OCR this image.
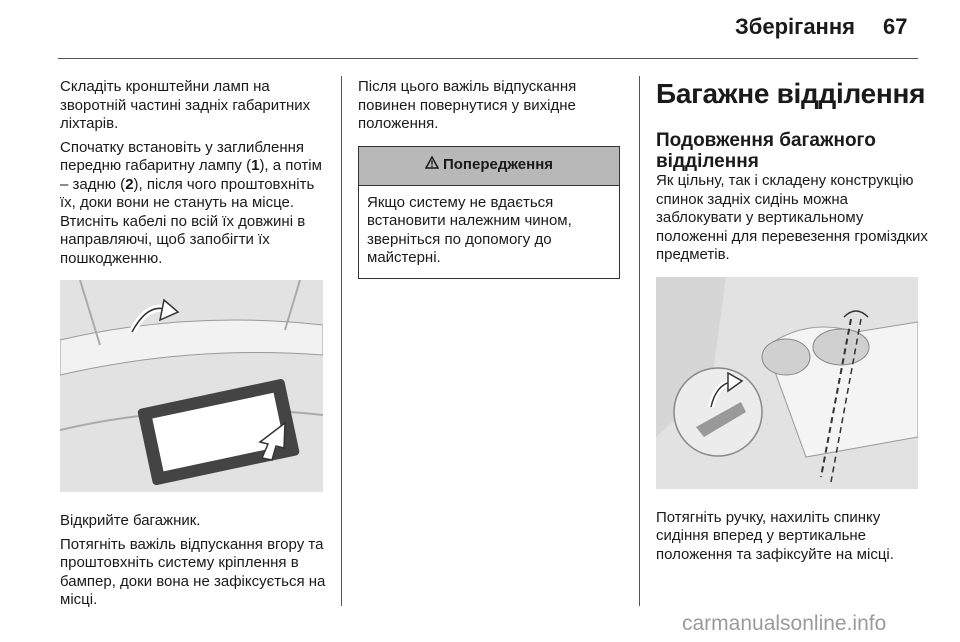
Зберігання 67

Складіть кронштейни ламп на зворотній частині задніх габаритних ліхтарів.

Спочатку встановіть у заглиблення передню габаритну лампу (1), а потім – задню (2), після чого проштовхніть їх, доки вони не стануть на місце. Втисніть кабелі по всій їх довжині в направляючі, щоб запобігти їх пошкодженню.

Відкрийте багажник.

Потягніть важіль відпускання вгору та проштовхніть систему кріплення в бампер, доки вона не зафіксується на місці.

Після цього важіль відпускання повинен повернутися у вихідне положення.

Попередження
Якщо систему не вдається встановити належним чином, зверніться по допомогу до майстерні.
Багажне відділення
Подовження багажного відділення

Як цільну, так і складену конструкцію спинок задніх сидінь можна заблокувати у вертикальному положенні для перевезення громіздких предметів.

Потягніть ручку, нахиліть спинку сидіння вперед у вертикальне положення та зафіксуйте на місці.

carmanualsonline.info
